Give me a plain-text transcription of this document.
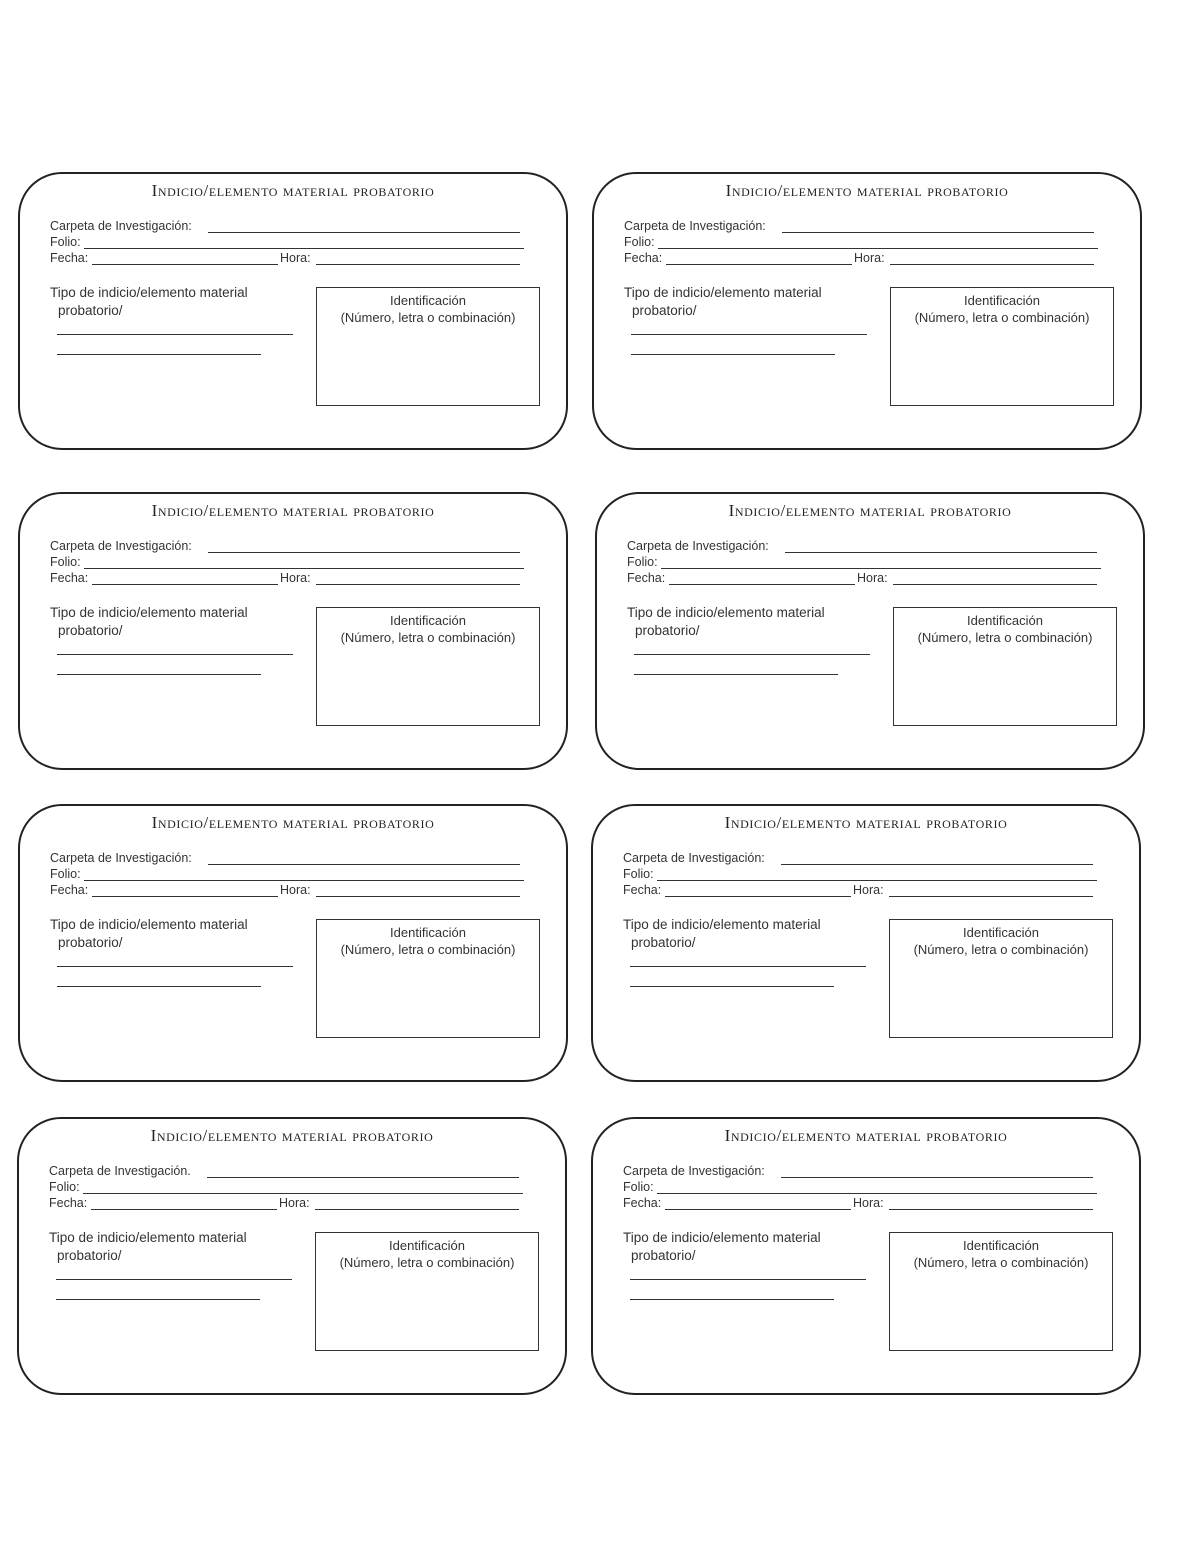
Indicio/elemento material probatorio
Carpeta de Investigación:
Folio:
Fecha:	Hora:
Tipo de indicio/elemento material
probatorio/
Identificación
(Número, letra o combinación)
Indicio/elemento material probatorio
Carpeta de Investigación:
Folio:
Fecha:	Hora:
Tipo de indicio/elemento material
probatorio/
Identificación
(Número, letra o combinación)
Indicio/elemento material probatorio
Carpeta de Investigación:
Folio:
Fecha:	Hora:
Tipo de indicio/elemento material
probatorio/
Identificación
(Número, letra o combinación)
Indicio/elemento material probatorio
Carpeta de Investigación:
Folio:
Fecha:	Hora:
Tipo de indicio/elemento material
probatorio/
Identificación
(Número, letra o combinación)
Indicio/elemento material probatorio
Carpeta de Investigación:
Folio:
Fecha:	Hora:
Tipo de indicio/elemento material
probatorio/
Identificación
(Número, letra o combinación)
Indicio/elemento material probatorio
Carpeta de Investigación:
Folio:
Fecha:	Hora:
Tipo de indicio/elemento material
probatorio/
Identificación
(Número, letra o combinación)
Indicio/elemento material probatorio
Carpeta de Investigación.
Folio:
Fecha:	Hora:
Tipo de indicio/elemento material
probatorio/
Identificación
(Número, letra o combinación)
Indicio/elemento material probatorio
Carpeta de Investigación:
Folio:
Fecha:	Hora:
Tipo de indicio/elemento material
probatorio/
Identificación
(Número, letra o combinación)
